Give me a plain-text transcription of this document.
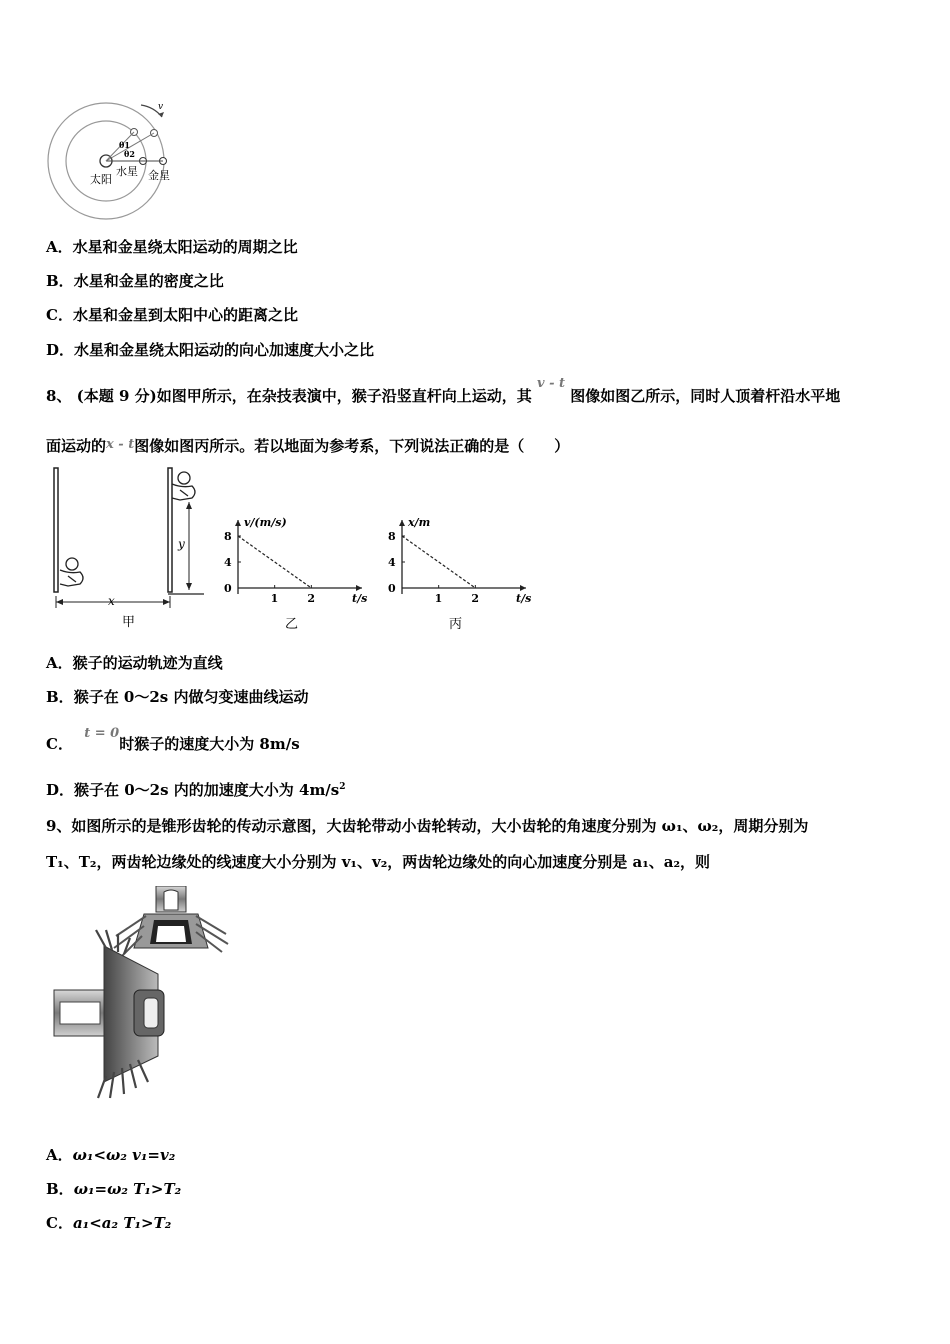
v
θ1
θ2
太阳
水星 金星
A．水星和金星绕太阳运动的周期之比
B．水星和金星的密度之比
C．水星和金星到太阳中心的距离之比
D．水星和金星绕太阳运动的向心加速度大小之比
8、 (本题 9 分)如图甲所示，在杂技表演中，猴子沿竖直杆向上运动，其 v - t 图像如图乙所示，同时人顶着杆沿水平地
面运动的x - t图像如图丙所示。若以地面为参考系，下列说法正确的是（　　）
y
x
甲
v/(m/s)
t/s
8
4
0
1	2
乙
x/m
t/s
8
4
0
1	2
丙
A．猴子的运动轨迹为直线
B．猴子在 0～2s 内做匀变速曲线运动
C． t = 0时猴子的速度大小为 8m/s
D．猴子在 0～2s 内的加速度大小为 $4m/s^2$
9、如图所示的是锥形齿轮的传动示意图，大齿轮带动小齿轮转动，大小齿轮的角速度分别为 ω₁、ω₂，周期分别为
T₁、T₂，两齿轮边缘处的线速度大小分别为 v₁、v₂，两齿轮边缘处的向心加速度分别是 a₁、a₂，则
A．ω₁<ω₂ v₁=v₂
B．ω₁=ω₂ T₁>T₂
C．a₁<a₂ T₁>T₂
